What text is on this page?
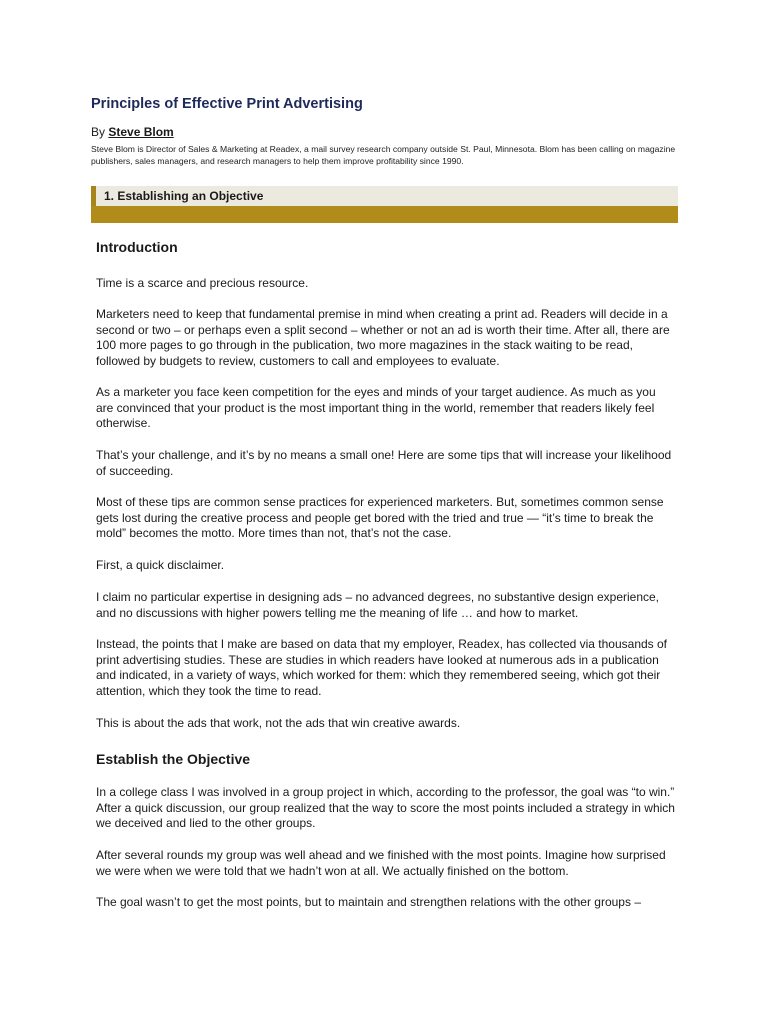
Principles of Effective Print Advertising
By Steve Blom
Steve Blom is Director of Sales & Marketing at Readex, a mail survey research company outside St. Paul, Minnesota. Blom has been calling on magazine publishers, sales managers, and research managers to help them improve profitability since 1990.
1. Establishing an Objective
Introduction

Time is a scarce and precious resource.

Marketers need to keep that fundamental premise in mind when creating a print ad. Readers will decide in a second or two – or perhaps even a split second – whether or not an ad is worth their time. After all, there are 100 more pages to go through in the publication, two more magazines in the stack waiting to be read, followed by budgets to review, customers to call and employees to evaluate.

As a marketer you face keen competition for the eyes and minds of your target audience. As much as you are convinced that your product is the most important thing in the world, remember that readers likely feel otherwise.

That’s your challenge, and it’s by no means a small one! Here are some tips that will increase your likelihood of succeeding.

Most of these tips are common sense practices for experienced marketers. But, sometimes common sense gets lost during the creative process and people get bored with the tried and true — “it’s time to break the mold” becomes the motto. More times than not, that’s not the case.

First, a quick disclaimer.

I claim no particular expertise in designing ads – no advanced degrees, no substantive design experience, and no discussions with higher powers telling me the meaning of life … and how to market.

Instead, the points that I make are based on data that my employer, Readex, has collected via thousands of print advertising studies. These are studies in which readers have looked at numerous ads in a publication and indicated, in a variety of ways, which worked for them: which they remembered seeing, which got their attention, which they took the time to read.

This is about the ads that work, not the ads that win creative awards.

Establish the Objective

In a college class I was involved in a group project in which, according to the professor, the goal was “to win.” After a quick discussion, our group realized that the way to score the most points included a strategy in which we deceived and lied to the other groups.

After several rounds my group was well ahead and we finished with the most points. Imagine how surprised we were when we were told that we hadn’t won at all. We actually finished on the bottom.

The goal wasn’t to get the most points, but to maintain and strengthen relations with the other groups –
